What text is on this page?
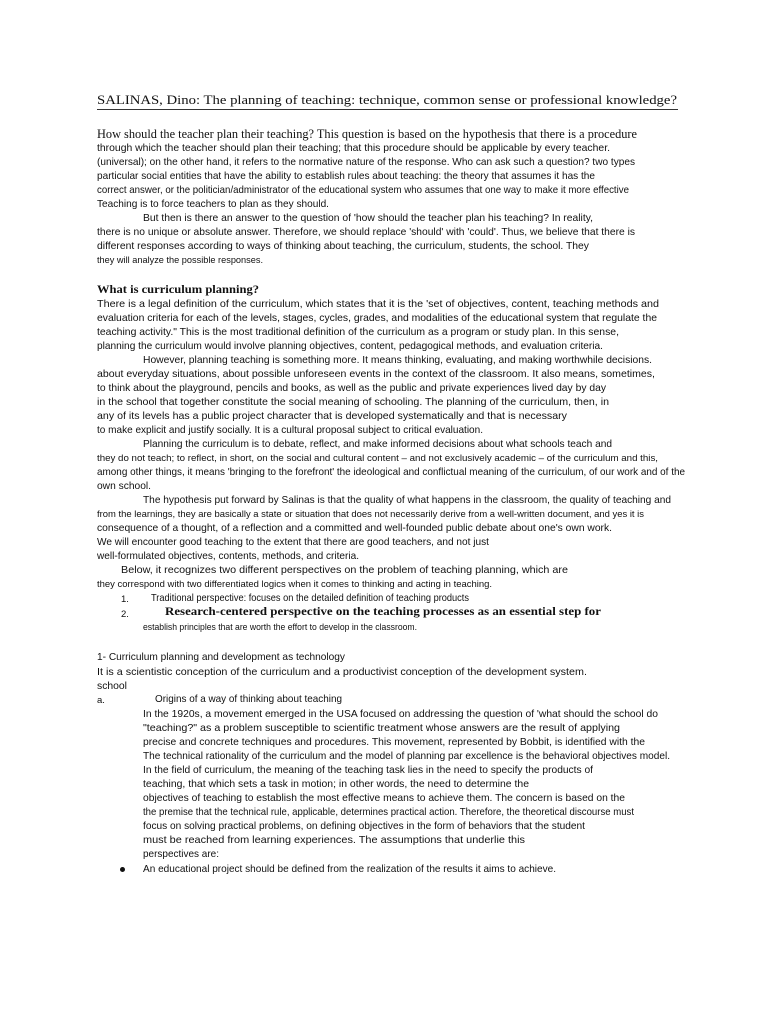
SALINAS, Dino: The planning of teaching: technique, common sense or professional knowledge?
How should the teacher plan their teaching? This question is based on the hypothesis that there is a procedure
through which the teacher should plan their teaching; that this procedure should be applicable by every teacher.
(universal); on the other hand, it refers to the normative nature of the response. Who can ask such a question? two types
particular social entities that have the ability to establish rules about teaching: the theory that assumes it has the
correct answer, or the politician/administrator of the educational system who assumes that one way to make it more effective
Teaching is to force teachers to plan as they should.
But then is there an answer to the question of 'how should the teacher plan his teaching? In reality,
there is no unique or absolute answer. Therefore, we should replace 'should' with 'could'. Thus, we believe that there is
different responses according to ways of thinking about teaching, the curriculum, students, the school. They
they will analyze the possible responses.
What is curriculum planning?
There is a legal definition of the curriculum, which states that it is the 'set of objectives, content, teaching methods and
evaluation criteria for each of the levels, stages, cycles, grades, and modalities of the educational system that regulate the
teaching activity." This is the most traditional definition of the curriculum as a program or study plan. In this sense,
planning the curriculum would involve planning objectives, content, pedagogical methods, and evaluation criteria.
However, planning teaching is something more. It means thinking, evaluating, and making worthwhile decisions.
about everyday situations, about possible unforeseen events in the context of the classroom. It also means, sometimes,
to think about the playground, pencils and books, as well as the public and private experiences lived day by day
in the school that together constitute the social meaning of schooling. The planning of the curriculum, then, in
any of its levels has a public project character that is developed systematically and that is necessary
to make explicit and justify socially. It is a cultural proposal subject to critical evaluation.
Planning the curriculum is to debate, reflect, and make informed decisions about what schools teach and
they do not teach; to reflect, in short, on the social and cultural content – and not exclusively academic – of the curriculum and this,
among other things, it means 'bringing to the forefront' the ideological and conflictual meaning of the curriculum, of our work and of the
own school.
The hypothesis put forward by Salinas is that the quality of what happens in the classroom, the quality of teaching and
from the learnings, they are basically a state or situation that does not necessarily derive from a well-written document, and yes it is
consequence of a thought, of a reflection and a committed and well-founded public debate about one's own work.
We will encounter good teaching to the extent that there are good teachers, and not just
well-formulated objectives, contents, methods, and criteria.
Below, it recognizes two different perspectives on the problem of teaching planning, which are
they correspond with two differentiated logics when it comes to thinking and acting in teaching.
1. Traditional perspective: focuses on the detailed definition of teaching products
2.	Research-centered perspective on the teaching processes as an essential step for
establish principles that are worth the effort to develop in the classroom.
1- Curriculum planning and development as technology
It is a scientistic conception of the curriculum and a productivist conception of the development system.
school
a.	Origins of a way of thinking about teaching
In the 1920s, a movement emerged in the USA focused on addressing the question of 'what should the school do
"teaching?" as a problem susceptible to scientific treatment whose answers are the result of applying
precise and concrete techniques and procedures. This movement, represented by Bobbit, is identified with the
The technical rationality of the curriculum and the model of planning par excellence is the behavioral objectives model.
In the field of curriculum, the meaning of the teaching task lies in the need to specify the products of
teaching, that which sets a task in motion; in other words, the need to determine the
objectives of teaching to establish the most effective means to achieve them. The concern is based on the
the premise that the technical rule, applicable, determines practical action. Therefore, the theoretical discourse must
focus on solving practical problems, on defining objectives in the form of behaviors that the student
must be reached from learning experiences. The assumptions that underlie this
perspectives are:
An educational project should be defined from the realization of the results it aims to achieve.
